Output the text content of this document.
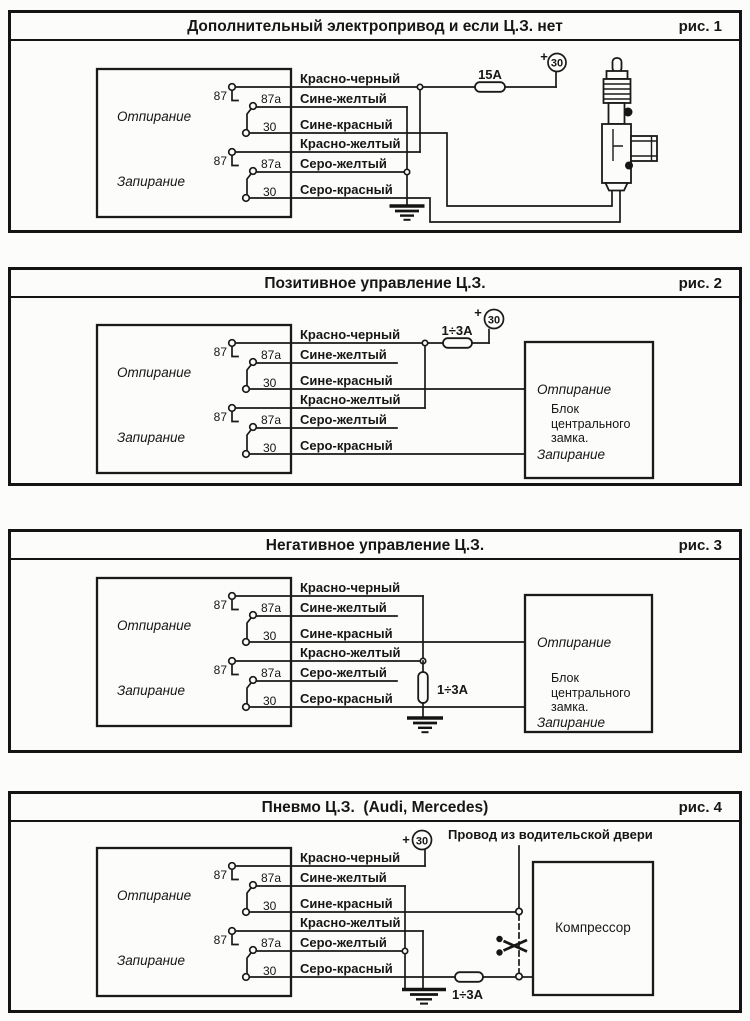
Дополнительный электропривод и если Ц.З. нет	рис. 1
Отпирание
Запирание
87	87a
30
87	87a
30
Красно-черный
Сине-желтый
Сине-красный
Красно-желтый
Серо-желтый
Серо-красный
15А
30
+
Позитивное управление Ц.З.	рис. 2
Отпирание
Запирание
87	87a
30
87	87a
30
Красно-черный
Сине-желтый
Сине-красный
Красно-желтый
Серо-желтый
Серо-красный
1÷3А
30
+
Отпирание
Блок
центрального
замка.
Запирание
Негативное управление Ц.З.	рис. 3
Отпирание
Запирание
87	87a
30
87	87a
30
Красно-черный
Сине-желтый
Сине-красный
Красно-желтый
Серо-желтый
Серо-красный
1÷3А
Отпирание
Блок
центрального
замка.
Запирание
Пневмо Ц.З.  (Audi, Mercedes)	рис. 4
Отпирание
Запирание
87	87a
30
87	87a
30
Красно-черный
Сине-желтый
Сине-красный
Красно-желтый
Серо-желтый
Серо-красный
30
+	Провод из водительской двери
1÷3А
Компрессор
